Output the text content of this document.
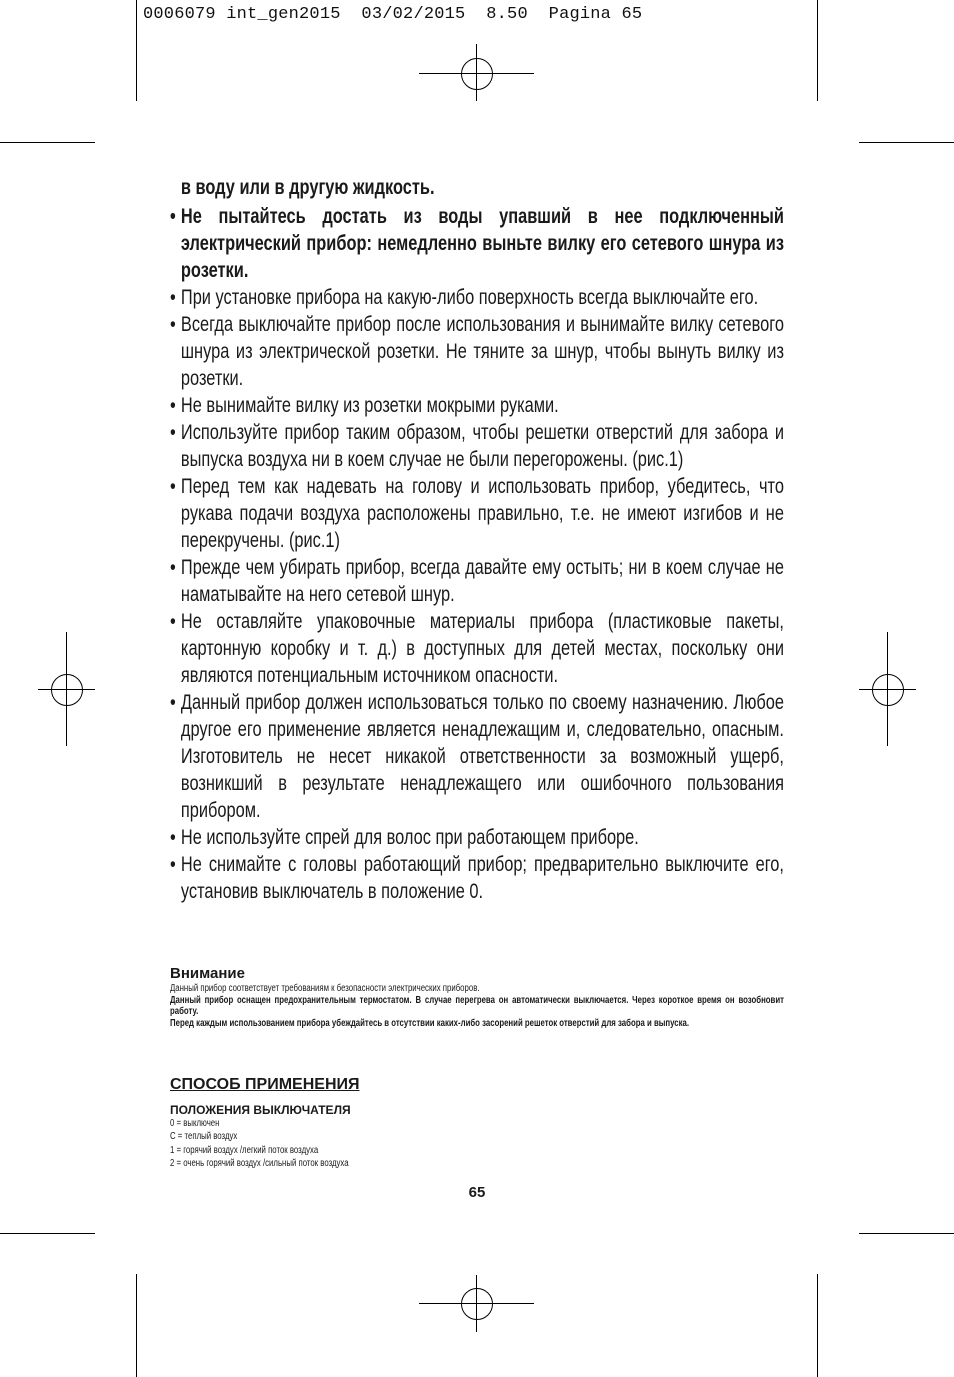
0006079 int_gen2015  03/02/2015  8.50  Pagina 65
в воду или в другую жидкость.
• Не пытайтесь достать из воды упавший в нее подключенный электрический прибор: немедленно выньте вилку его сетевого шнура из розетки.
• При установке прибора на какую-либо поверхность всегда выключайте его.
• Всегда выключайте прибор после использования и вынимайте вилку сетевого шнура из электрической розетки. Не тяните за шнур, чтобы вынуть вилку из розетки.
• Не вынимайте вилку из розетки мокрыми руками.
• Используйте прибор таким образом, чтобы решетки отверстий для забора и выпуска воздуха ни в коем случае не были перегорожены. (рис.1)
• Перед тем как надевать на голову и использовать прибор, убедитесь, что рукава подачи воздуха расположены правильно, т.е. не имеют изгибов и не перекручены. (рис.1)
• Прежде чем убирать прибор, всегда давайте ему остыть; ни в коем случае не наматывайте на него сетевой шнур.
• Не оставляйте упаковочные материалы прибора (пластиковые пакеты, картонную коробку и т. д.) в доступных для детей местах, поскольку они являются потенциальным источником опасности.
• Данный прибор должен использоваться только по своему назначению. Любое другое его применение является ненадлежащим и, следовательно, опасным. Изготовитель не несет никакой ответственности за возможный ущерб, возникший в результате ненадлежащего или ошибочного пользования прибором.
• Не используйте спрей для волос при работающем приборе.
• Не снимайте с головы работающий прибор; предварительно выключите его, установив выключатель в положение 0.
Внимание
Данный прибор соответствует требованиям к безопасности электрических приборов.
Данный прибор оснащен предохранительным термостатом. В случае перегрева он автоматически выключается. Через короткое время он возобновит работу.
Перед каждым использованием прибора убеждайтесь в отсутствии каких-либо засорений решеток отверстий для забора и выпуска.
СПОСОБ ПРИМЕНЕНИЯ
ПОЛОЖЕНИЯ ВЫКЛЮЧАТЕЛЯ
0 = выключен
C = теплый воздух
1 = горячий воздух /легкий поток воздуха
2 = очень горячий воздух /сильный поток воздуха
65
